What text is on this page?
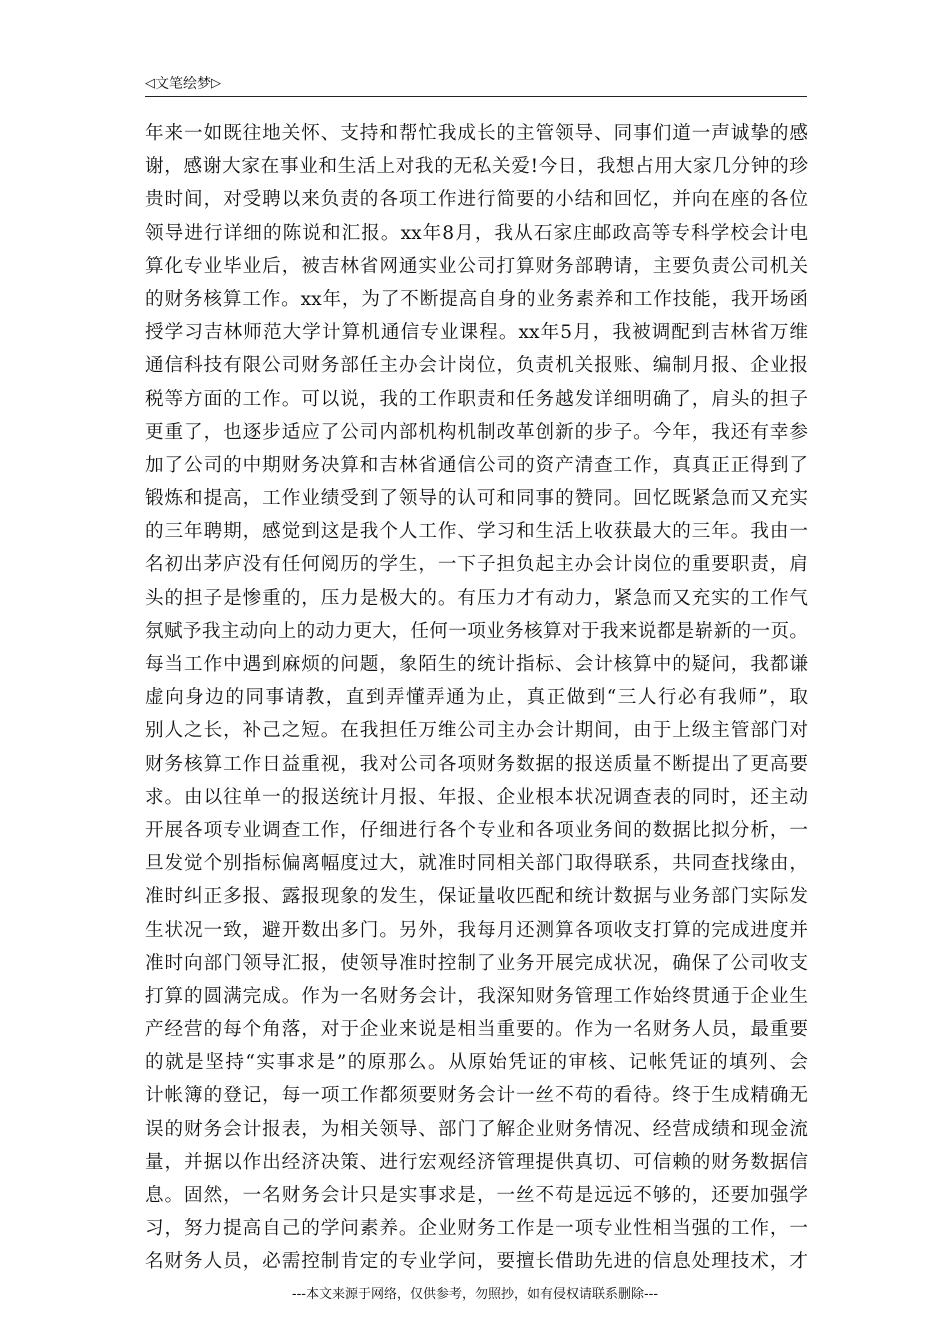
◁ 文笔绘梦 ▷
年来一如既往地关怀、支持和帮忙我成长的主管领导、同事们道一声诚挚的感
谢，感谢大家在事业和生活上对我的无私关爱!今日，我想占用大家几分钟的珍
贵时间，对受聘以来负责的各项工作进行简要的小结和回忆，并向在座的各位
领导进行详细的陈说和汇报。xx年8月，我从石家庄邮政高等专科学校会计电
算化专业毕业后，被吉林省网通实业公司打算财务部聘请，主要负责公司机关
的财务核算工作。xx年，为了不断提高自身的业务素养和工作技能，我开场函
授学习吉林师范大学计算机通信专业课程。xx年5月，我被调配到吉林省万维
通信科技有限公司财务部任主办会计岗位，负责机关报账、编制月报、企业报
税等方面的工作。可以说，我的工作职责和任务越发详细明确了，肩头的担子
更重了，也逐步适应了公司内部机构机制改革创新的步子。今年，我还有幸参
加了公司的中期财务决算和吉林省通信公司的资产清查工作，真真正正得到了
锻炼和提高，工作业绩受到了领导的认可和同事的赞同。回忆既紧急而又充实
的三年聘期，感觉到这是我个人工作、学习和生活上收获最大的三年。我由一
名初出茅庐没有任何阅历的学生，一下子担负起主办会计岗位的重要职责，肩
头的担子是惨重的，压力是极大的。有压力才有动力，紧急而又充实的工作气
氛赋予我主动向上的动力更大，任何一项业务核算对于我来说都是崭新的一页。
每当工作中遇到麻烦的问题，象陌生的统计指标、会计核算中的疑问，我都谦
虚向身边的同事请教，直到弄懂弄通为止，真正做到“三人行必有我师”，取
别人之长，补己之短。在我担任万维公司主办会计期间，由于上级主管部门对
财务核算工作日益重视，我对公司各项财务数据的报送质量不断提出了更高要
求。由以往单一的报送统计月报、年报、企业根本状况调查表的同时，还主动
开展各项专业调查工作，仔细进行各个专业和各项业务间的数据比拟分析，一
旦发觉个别指标偏离幅度过大，就准时同相关部门取得联系，共同查找缘由，
准时纠正多报、露报现象的发生，保证量收匹配和统计数据与业务部门实际发
生状况一致，避开数出多门。另外，我每月还测算各项收支打算的完成进度并
准时向部门领导汇报，使领导准时控制了业务开展完成状况，确保了公司收支
打算的圆满完成。作为一名财务会计，我深知财务管理工作始终贯通于企业生
产经营的每个角落，对于企业来说是相当重要的。作为一名财务人员，最重要
的就是坚持“实事求是”的原那么。从原始凭证的审核、记帐凭证的填列、会
计帐簿的登记，每一项工作都须要财务会计一丝不苟的看待。终于生成精确无
误的财务会计报表，为相关领导、部门了解企业财务情况、经营成绩和现金流
量，并据以作出经济决策、进行宏观经济管理提供真切、可信赖的财务数据信
息。固然，一名财务会计只是实事求是，一丝不苟是远远不够的，还要加强学
习，努力提高自己的学问素养。企业财务工作是一项专业性相当强的工作，一
名财务人员，必需控制肯定的专业学问，要擅长借助先进的信息处理技术，才
---本文来源于网络，仅供参考，勿照抄，如有侵权请联系删除---
